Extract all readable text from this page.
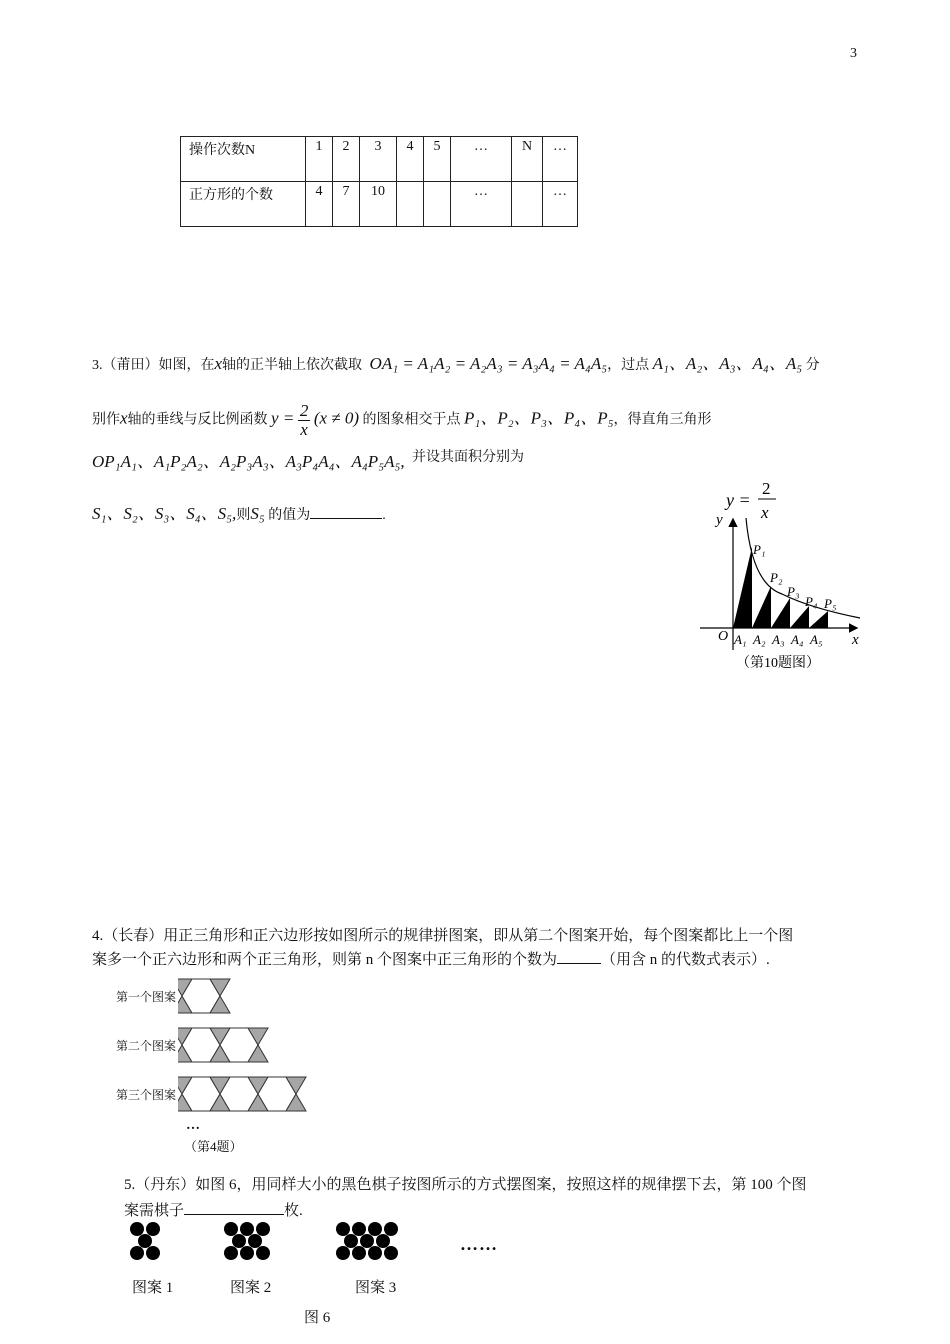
3
操作次数N	1	2	3	4	5	…	N	…
正方形的个数	4	7	10			…		…
3.（莆田）如图，在x轴的正半轴上依次截取 OA₁ = A₁A₂ = A₂A₃ = A₃A₄ = A₄A₅，过点 A₁、A₂、A₃、A₄、A₅ 分
别作x轴的垂线与反比例函数 $y = \frac{2}{x} (x \ne 0)$ 的图象相交于点 P₁、P₂、P₃、P₄、P₅，得直角三角形
OP₁A₁、A₁P₂A₂、A₂P₃A₃、A₃P₄A₄、A₄P₅A₅, 并设其面积分别为
S₁、S₂、S₃、S₄、S₅,则S₅ 的值为	.
y =
2
x
y
x
O
P₁
P₂
P₃
P₄ P₅
A₁ A₂ A₃ A₄ A₅
（第10题图）
4.（长春）用正三角形和正六边形按如图所示的规律拼图案，即从第二个图案开始，每个图案都比上一个图
案多一个正六边形和两个正三角形，则第 n 个图案中正三角形的个数为	（用含 n 的代数式表示）.
第一个图案
第二个图案
第三个图案
…
（第4题）
5.（丹东）如图 6，用同样大小的黑色棋子按图所示的方式摆图案，按照这样的规律摆下去，第 100 个图
案需棋子	枚.
……
图案 1	图案 2	图案 3
图 6
